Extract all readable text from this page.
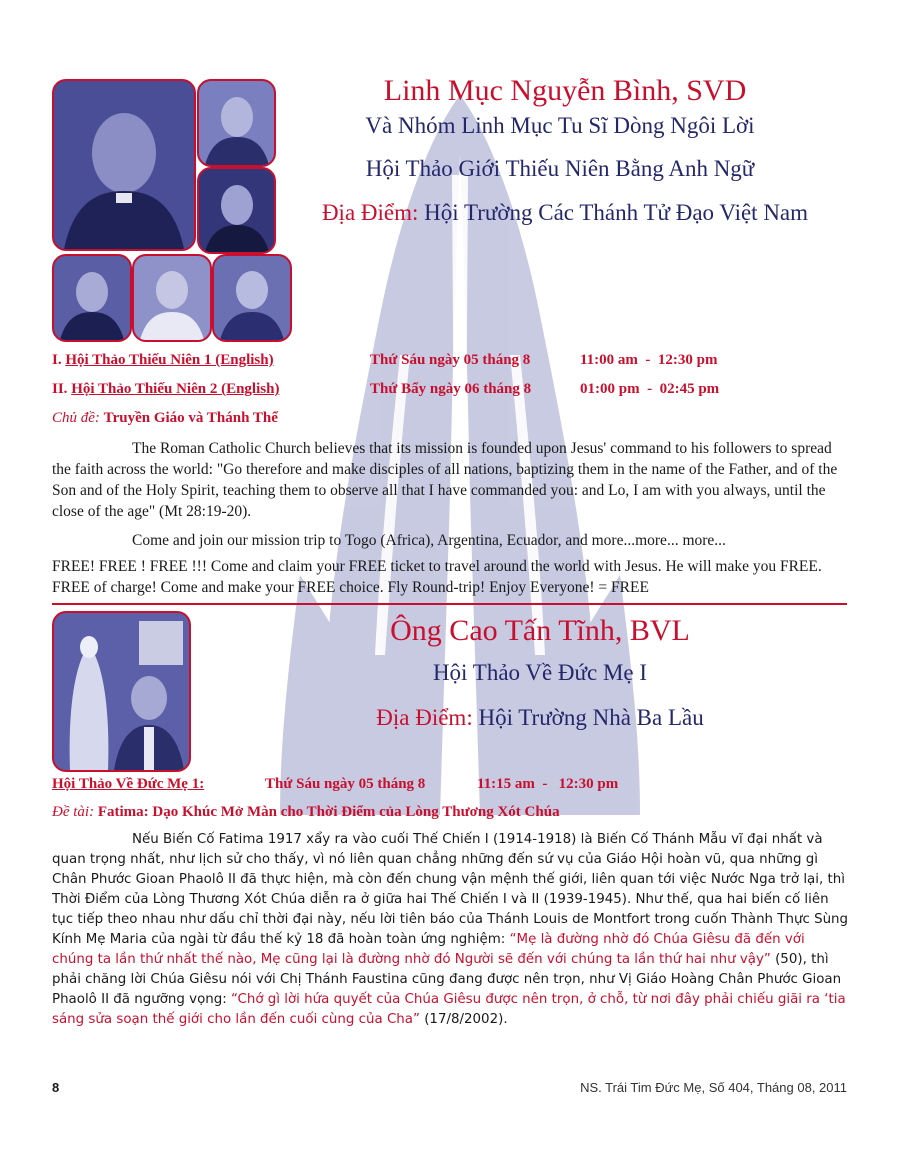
Linh Mục Nguyễn Bình, SVD
Và Nhóm Linh Mục Tu Sĩ Dòng Ngôi Lời
Hội Thảo Giới Thiếu Niên Bằng Anh Ngữ
Địa Điểm: Hội Trường Các Thánh Tử Đạo Việt Nam
I. Hội Thảo Thiếu Niên 1 (English)	Thứ Sáu ngày 05 tháng 8	11:00 am  -  12:30 pm
II. Hội Thảo Thiếu Niên 2 (English)	Thứ Bẩy ngày 06 tháng 8	01:00 pm  -  02:45 pm
Chủ đề: Truyền Giáo và Thánh Thể
The Roman Catholic Church believes that its mission is founded upon Jesus' command to his followers to spread the faith across the world: "Go therefore and make disciples of all nations, baptizing them in the name of the Father, and of the Son and of the Holy Spirit, teaching them to observe all that I have commanded you: and Lo, I am with you always, until the close of the age" (Mt 28:19-20).
Come and join our mission trip to Togo (Africa), Argentina, Ecuador, and more...more... more...
FREE! FREE ! FREE !!! Come and claim your FREE ticket to travel around the world with Jesus. He will make you FREE. FREE of charge! Come and make your FREE choice. Fly Round-trip! Enjoy Everyone! = FREE
Ông Cao Tấn Tĩnh, BVL
Hội Thảo Về Đức Mẹ I
Địa Điểm: Hội Trường Nhà Ba Lầu
Hội Thảo Về Đức Mẹ 1:	Thứ Sáu ngày 05 tháng 8	11:15 am  -   12:30 pm
Đề tài: Fatima: Dạo Khúc Mở Màn cho Thời Điểm của Lòng Thương Xót Chúa
Nếu Biến Cố Fatima 1917 xẩy ra vào cuối Thế Chiến I (1914-1918) là Biến Cố Thánh Mẫu vĩ đại nhất và quan trọng nhất, như lịch sử cho thấy, vì nó liên quan chẳng những đến sứ vụ của Giáo Hội hoàn vũ, qua những gì Chân Phước Gioan Phaolô II đã thực hiện, mà còn đến chung vận mệnh thế giới, liên quan tới việc Nước Nga trở lại, thì Thời Điểm của Lòng Thương Xót Chúa diễn ra ở giữa hai Thế Chiến I và II (1939-1945). Như thế, qua hai biến cố liên tục tiếp theo nhau như dấu chỉ thời đại này, nếu lời tiên báo của Thánh Louis de Montfort trong cuốn Thành Thực Sùng Kính Mẹ Maria của ngài từ đầu thế kỷ 18 đã hoàn toàn ứng nghiệm: “Mẹ là đường nhờ đó Chúa Giêsu đã đến với chúng ta lần thứ nhất thế nào, Mẹ cũng lại là đường nhờ đó Người sẽ đến với chúng ta lần thứ hai như vậy” (50), thì phải chăng lời Chúa Giêsu nói với Chị Thánh Faustina cũng đang được nên trọn, như Vị Giáo Hoàng Chân Phước Gioan Phaolô II đã ngưỡng vọng: “Chớ gì lời hứa quyết của Chúa Giêsu được nên trọn, ở chỗ, từ nơi đây phải chiếu giãi ra ‘tia sáng sửa soạn thế giới cho lần đến cuối cùng của Cha” (17/8/2002).
8	NS. Trái Tim Đức Mẹ, Số 404, Tháng 08, 2011
